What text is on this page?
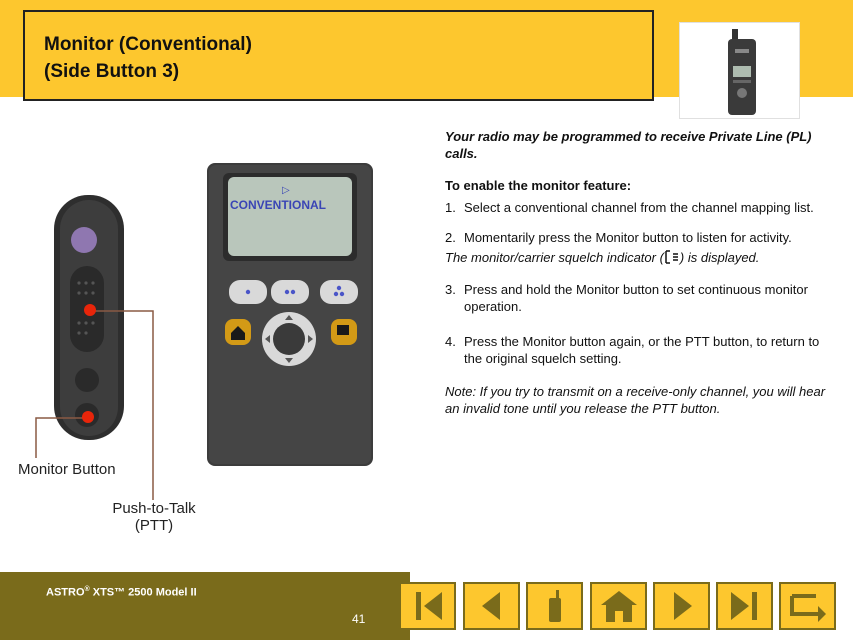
Monitor (Conventional)
(Side Button 3)
Monitor Button
Push-to-Talk
(PTT)
▷
CONVENTIONAL
Your radio may be programmed to receive Private Line (PL) calls.
To enable the monitor feature:
1. Select a conventional channel from the channel mapping list.
2. Momentarily press the Monitor button to listen for activity.
The monitor/carrier squelch indicator ( ) is displayed.
3. Press and hold the Monitor button to set continuous monitor operation.
4. Press the Monitor button again, or the PTT button, to return to the original squelch setting.
Note: If you try to transmit on a receive-only channel, you will hear an invalid tone until you release the PTT button.
ASTRO® XTS™ 2500 Model II
41
